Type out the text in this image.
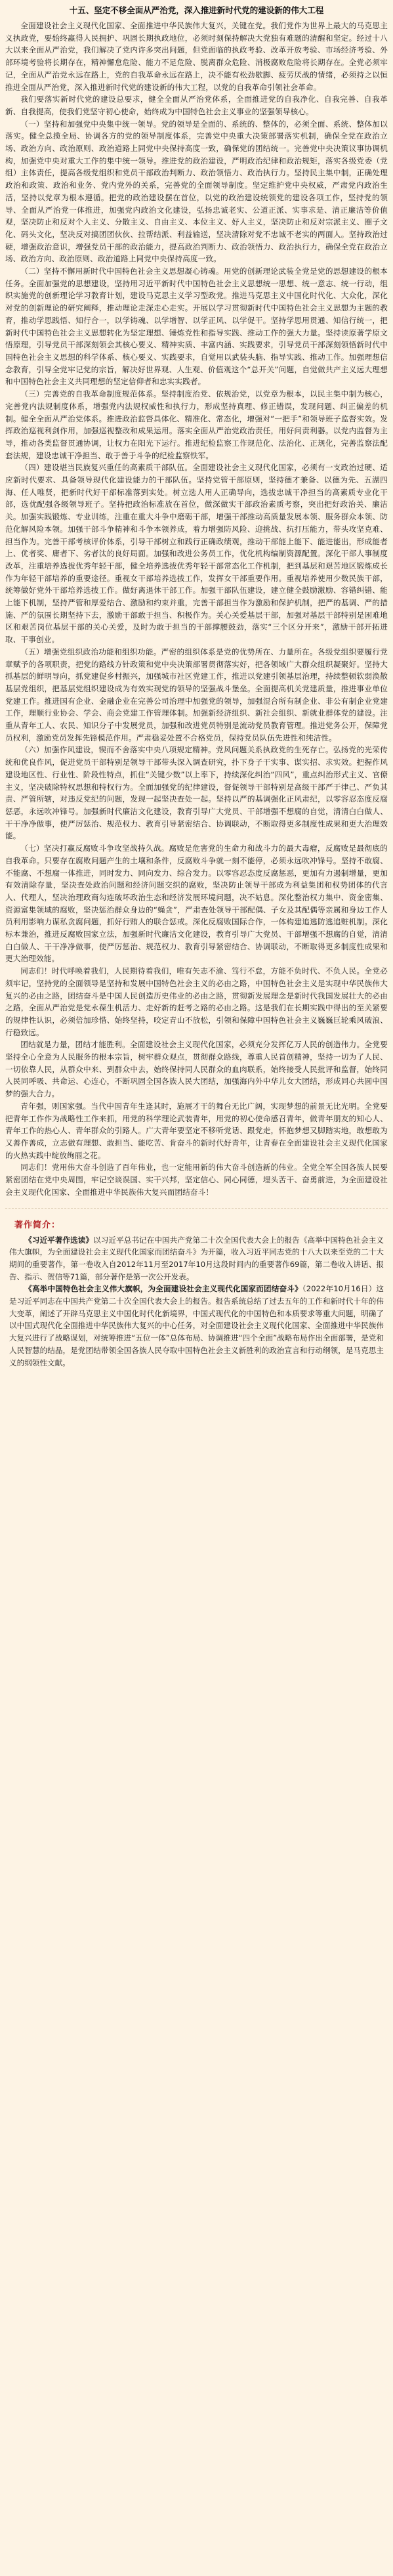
十五、坚定不移全面从严治党，深入推进新时代党的建设新的伟大工程

全面建设社会主义现代化国家、全面推进中华民族伟大复兴，关键在党。我们党作为世界上最大的马克思主义执政党，要始终赢得人民拥护、巩固长期执政地位，必须时刻保持解决大党独有难题的清醒和坚定。经过十八大以来全面从严治党，我们解决了党内许多突出问题，但党面临的执政考验、改革开放考验、市场经济考验、外部环境考验将长期存在，精神懈怠危险、能力不足危险、脱离群众危险、消极腐败危险将长期存在。全党必须牢记，全面从严治党永远在路上，党的自我革命永远在路上，决不能有松劲歇脚、疲劳厌战的情绪，必须持之以恒推进全面从严治党，深入推进新时代党的建设新的伟大工程，以党的自我革命引领社会革命。

我们要落实新时代党的建设总要求，健全全面从严治党体系，全面推进党的自我净化、自我完善、自我革新、自我提高，使我们党坚守初心使命，始终成为中国特色社会主义事业的坚强领导核心。

（一）坚持和加强党中央集中统一领导。党的领导是全面的、系统的、整体的，必须全面、系统、整体加以落实。健全总揽全局、协调各方的党的领导制度体系，完善党中央重大决策部署落实机制，确保全党在政治立场、政治方向、政治原则、政治道路上同党中央保持高度一致，确保党的团结统一。完善党中央决策议事协调机构，加强党中央对重大工作的集中统一领导。推进党的政治建设，严明政治纪律和政治规矩，落实各级党委（党组）主体责任，提高各级党组织和党员干部政治判断力、政治领悟力、政治执行力。坚持民主集中制，正确处理政治和政策、政治和业务、党内党外的关系，完善党的全面领导制度。坚定维护党中央权威，严肃党内政治生活，坚持以党章为根本遵循。把党的政治建设摆在首位，以党的政治建设统领党的建设各项工作，坚持党的领导、全面从严治党一体推进，加强党内政治文化建设，弘扬忠诚老实、公道正派、实事求是、清正廉洁等价值观，坚决防止和反对个人主义、分散主义、自由主义、本位主义、好人主义，坚决防止和反对宗派主义、圈子文化、码头文化，坚决反对搞团团伙伙、拉帮结派、利益输送，坚决清除对党不忠诚不老实的两面人。坚持政治过硬，增强政治意识，增强党员干部的政治能力，提高政治判断力、政治领悟力、政治执行力，确保全党在政治立场、政治方向、政治原则、政治道路上同党中央保持高度一致。

（二）坚持不懈用新时代中国特色社会主义思想凝心铸魂。用党的创新理论武装全党是党的思想建设的根本任务。全面加强党的思想建设，坚持用习近平新时代中国特色社会主义思想统一思想、统一意志、统一行动，组织实施党的创新理论学习教育计划，建设马克思主义学习型政党。推进马克思主义中国化时代化、大众化，深化对党的创新理论的研究阐释，推动理论走深走心走实。开展以学习贯彻新时代中国特色社会主义思想为主题的教育，推动学思践悟、知行合一，以学铸魂、以学增智、以学正风、以学促干。坚持学思用贯通、知信行统一，把新时代中国特色社会主义思想转化为坚定理想、锤炼党性和指导实践、推动工作的强大力量。坚持读原著学原文悟原理，引导党员干部深刻领会其核心要义、精神实质、丰富内涵、实践要求，引导党员干部深刻领悟新时代中国特色社会主义思想的科学体系、核心要义、实践要求，自觉用以武装头脑、指导实践、推动工作。加强理想信念教育，引导全党牢记党的宗旨，解决好世界观、人生观、价值观这个“总开关”问题，自觉做共产主义远大理想和中国特色社会主义共同理想的坚定信仰者和忠实实践者。

（三）完善党的自我革命制度规范体系。坚持制度治党、依规治党，以党章为根本，以民主集中制为核心，完善党内法规制度体系，增强党内法规权威性和执行力，形成坚持真理、修正错误，发现问题、纠正偏差的机制。健全全面从严治党体系。推进政治监督具体化、精准化、常态化，增强对“一把手”和领导班子监督实效。发挥政治巡视利剑作用，加强巡视整改和成果运用。落实全面从严治党政治责任，用好问责利器。以党内监督为主导，推动各类监督贯通协调，让权力在阳光下运行。推进纪检监察工作规范化、法治化、正规化，完善监察法配套法规，建设忠诚干净担当、敢于善于斗争的纪检监察铁军。

（四）建设堪当民族复兴重任的高素质干部队伍。全面建设社会主义现代化国家，必须有一支政治过硬、适应新时代要求、具备领导现代化建设能力的干部队伍。坚持党管干部原则，坚持德才兼备、以德为先、五湖四海、任人唯贤，把新时代好干部标准落到实处。树立选人用人正确导向，选拔忠诚干净担当的高素质专业化干部，选优配强各级领导班子。坚持把政治标准放在首位，做深做实干部政治素质考察，突出把好政治关、廉洁关。加强实践锻炼、专业训练，注重在重大斗争中磨砺干部，增强干部推动高质量发展本领、服务群众本领、防范化解风险本领。加强干部斗争精神和斗争本领养成，着力增强防风险、迎挑战、抗打压能力，带头攻坚克难、担当作为。完善干部考核评价体系，引导干部树立和践行正确政绩观，推动干部能上能下、能进能出，形成能者上、优者奖、庸者下、劣者汰的良好局面。加强和改进公务员工作，优化机构编制资源配置。深化干部人事制度改革，注重培养选拔优秀年轻干部，健全培养选拔优秀年轻干部常态化工作机制，把到基层和艰苦地区锻炼成长作为年轻干部培养的重要途径。重视女干部培养选拔工作，发挥女干部重要作用。重视培养使用少数民族干部，统筹做好党外干部培养选拔工作。做好离退休干部工作。加强干部队伍建设，建立健全鼓励激励、容错纠错、能上能下机制，坚持严管和厚爱结合、激励和约束并重，完善干部担当作为激励和保护机制，把严的基调、严的措施、严的氛围长期坚持下去，激励干部敢于担当、积极作为。关心关爱基层干部，加强对基层干部特别是困难地区和艰苦岗位基层干部的关心关爱，及时为敢于担当的干部撑腰鼓劲，落实“三个区分开来”，激励干部开拓进取、干事创业。

（五）增强党组织政治功能和组织功能。严密的组织体系是党的优势所在、力量所在。各级党组织要履行党章赋予的各项职责，把党的路线方针政策和党中央决策部署贯彻落实好，把各领域广大群众组织凝聚好。坚持大抓基层的鲜明导向，抓党建促乡村振兴，加强城市社区党建工作，推进以党建引领基层治理，持续整顿软弱涣散基层党组织，把基层党组织建设成为有效实现党的领导的坚强战斗堡垒。全面提高机关党建质量，推进事业单位党建工作。推进国有企业、金融企业在完善公司治理中加强党的领导，加强混合所有制企业、非公有制企业党建工作，理顺行业协会、学会、商会党建工作管理体制。加强新经济组织、新社会组织、新就业群体党的建设。注重从青年工人、农民、知识分子中发展党员，加强和改进党员特别是流动党员教育管理。推进党务公开，保障党员权利，激励党员发挥先锋模范作用。严肃稳妥处置不合格党员，保持党员队伍先进性和纯洁性。

（六）加强作风建设，锲而不舍落实中央八项规定精神。党风问题关系执政党的生死存亡。弘扬党的光荣传统和优良作风，促进党员干部特别是领导干部带头深入调查研究，扑下身子干实事、谋实招、求实效。把握作风建设地区性、行业性、阶段性特点，抓住“关键少数”以上率下，持续深化纠治“四风”，重点纠治形式主义、官僚主义，坚决破除特权思想和特权行为。全面加强党的纪律建设，督促领导干部特别是高级干部严于律己、严负其责、严管所辖，对违反党纪的问题，发现一起坚决查处一起。坚持以严的基调强化正风肃纪，以零容忍态度反腐惩恶，永远吹冲锋号。加强新时代廉洁文化建设，教育引导广大党员、干部增强不想腐的自觉，清清白白做人、干干净净做事，使严厉惩治、规范权力、教育引导紧密结合、协调联动，不断取得更多制度性成果和更大治理效能。

（七）坚决打赢反腐败斗争攻坚战持久战。腐败是危害党的生命力和战斗力的最大毒瘤，反腐败是最彻底的自我革命。只要存在腐败问题产生的土壤和条件，反腐败斗争就一刻不能停，必须永远吹冲锋号。坚持不敢腐、不能腐、不想腐一体推进，同时发力、同向发力、综合发力。以零容忍态度反腐惩恶，更加有力遏制增量，更加有效清除存量，坚决查处政治问题和经济问题交织的腐败，坚决防止领导干部成为利益集团和权势团体的代言人、代理人，坚决治理政商勾连破坏政治生态和经济发展环境问题，决不姑息。深化整治权力集中、资金密集、资源富集领域的腐败，坚决惩治群众身边的“蝇贪”，严肃查处领导干部配偶、子女及其配偶等亲属和身边工作人员利用影响力谋私贪腐问题，抓好行贿人的联合惩戒。深化反腐败国际合作，一体构建追逃防逃追赃机制。深化标本兼治，推进反腐败国家立法，加强新时代廉洁文化建设，教育引导广大党员、干部增强不想腐的自觉，清清白白做人、干干净净做事，使严厉惩治、规范权力、教育引导紧密结合、协调联动，不断取得更多制度性成果和更大治理效能。

同志们！时代呼唤着我们，人民期待着我们，唯有矢志不渝、笃行不怠，方能不负时代、不负人民。全党必须牢记，坚持党的全面领导是坚持和发展中国特色社会主义的必由之路，中国特色社会主义是实现中华民族伟大复兴的必由之路，团结奋斗是中国人民创造历史伟业的必由之路，贯彻新发展理念是新时代我国发展壮大的必由之路，全面从严治党是党永葆生机活力、走好新的赶考之路的必由之路。这是我们在长期实践中得出的至关紧要的规律性认识，必须倍加珍惜、始终坚持，咬定青山不放松，引领和保障中国特色社会主义巍巍巨轮乘风破浪、行稳致远。

团结就是力量，团结才能胜利。全面建设社会主义现代化国家，必须充分发挥亿万人民的创造伟力。全党要坚持全心全意为人民服务的根本宗旨，树牢群众观点，贯彻群众路线，尊重人民首创精神，坚持一切为了人民、一切依靠人民，从群众中来、到群众中去，始终保持同人民群众的血肉联系，始终接受人民批评和监督，始终同人民同呼吸、共命运、心连心，不断巩固全国各族人民大团结，加强海内外中华儿女大团结，形成同心共圆中国梦的强大合力。

青年强，则国家强。当代中国青年生逢其时，施展才干的舞台无比广阔，实现梦想的前景无比光明。全党要把青年工作作为战略性工作来抓，用党的科学理论武装青年，用党的初心使命感召青年，做青年朋友的知心人、青年工作的热心人、青年群众的引路人。广大青年要坚定不移听党话、跟党走，怀抱梦想又脚踏实地，敢想敢为又善作善成，立志做有理想、敢担当、能吃苦、肯奋斗的新时代好青年，让青春在全面建设社会主义现代化国家的火热实践中绽放绚丽之花。

同志们！党用伟大奋斗创造了百年伟业，也一定能用新的伟大奋斗创造新的伟业。全党全军全国各族人民要紧密团结在党中央周围，牢记空谈误国、实干兴邦，坚定信心、同心同德，埋头苦干、奋勇前进，为全面建设社会主义现代化国家、全面推进中华民族伟大复兴而团结奋斗！

著作简介：

《习近平著作选读》以习近平总书记在中国共产党第二十次全国代表大会上的报告《高举中国特色社会主义伟大旗帜，为全面建设社会主义现代化国家而团结奋斗》为开篇，收入习近平同志党的十八大以来至党的二十大期间的重要著作，第一卷收入自2012年11月至2017年10月这段时间内的重要著作69篇，第二卷收入讲话、报告、指示、贺信等71篇，部分著作是第一次公开发表。

《高举中国特色社会主义伟大旗帜，为全面建设社会主义现代化国家而团结奋斗》（2022年10月16日）这是习近平同志在中国共产党第二十次全国代表大会上的报告。报告系统总结了过去五年的工作和新时代十年的伟大变革，阐述了开辟马克思主义中国化时代化新境界，中国式现代化的中国特色和本质要求等重大问题，明确了以中国式现代化全面推进中华民族伟大复兴的中心任务，对全面建设社会主义现代化国家、全面推进中华民族伟大复兴进行了战略谋划，对统筹推进“五位一体”总体布局、协调推进“四个全面”战略布局作出全面部署，是党和人民智慧的结晶，是党团结带领全国各族人民夺取中国特色社会主义新胜利的政治宣言和行动纲领，是马克思主义的纲领性文献。
